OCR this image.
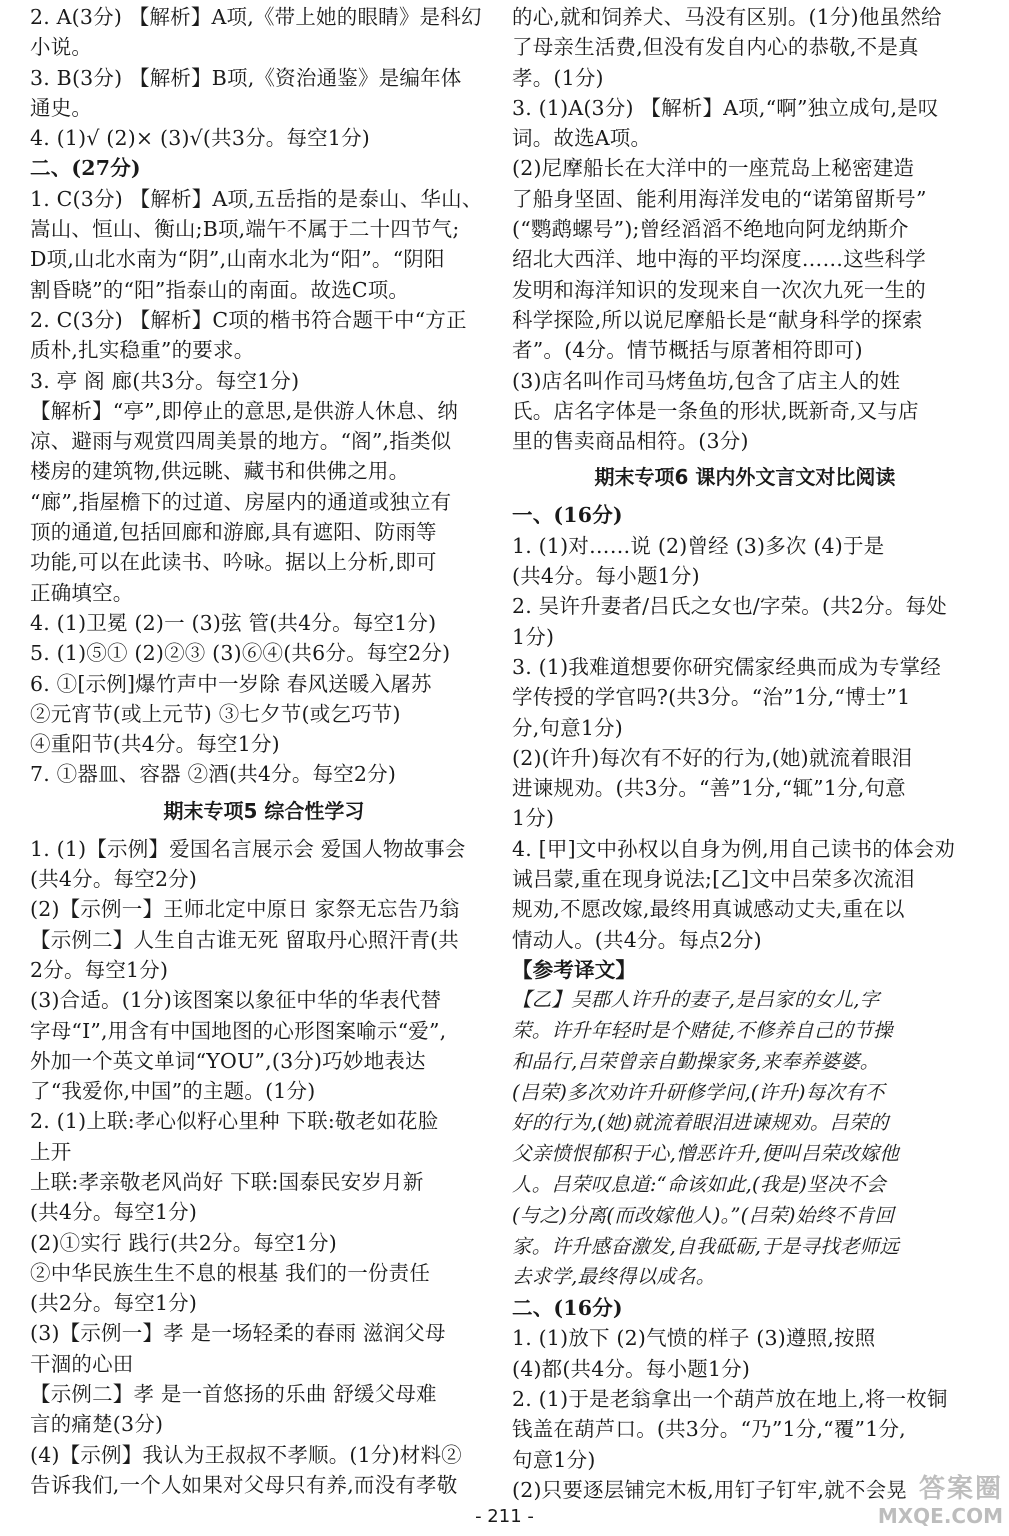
2. A(3分) 【解析】A项,《带上她的眼睛》是科幻
小说。
3. B(3分) 【解析】B项,《资治通鉴》是编年体
通史。
4. (1)√ (2)× (3)√(共3分。每空1分)
二、(27分)
1. C(3分) 【解析】A项,五岳指的是泰山、华山、
嵩山、恒山、衡山;B项,端午不属于二十四节气;
D项,山北水南为“阴”,山南水北为“阳”。“阴阳
割昏晓”的“阳”指泰山的南面。故选C项。
2. C(3分) 【解析】C项的楷书符合题干中“方正
质朴,扎实稳重”的要求。
3. 亭 阁 廊(共3分。每空1分)
【解析】“亭”,即停止的意思,是供游人休息、纳
凉、避雨与观赏四周美景的地方。“阁”,指类似
楼房的建筑物,供远眺、藏书和供佛之用。
“廊”,指屋檐下的过道、房屋内的通道或独立有
顶的通道,包括回廊和游廊,具有遮阳、防雨等
功能,可以在此读书、吟咏。据以上分析,即可
正确填空。
4. (1)卫冕 (2)一 (3)弦 管(共4分。每空1分)
5. (1)⑤① (2)②③ (3)⑥④(共6分。每空2分)
6. ①[示例]爆竹声中一岁除 春风送暖入屠苏
②元宵节(或上元节) ③七夕节(或乞巧节)
④重阳节(共4分。每空1分)
7. ①器皿、容器 ②酒(共4分。每空2分)
期末专项5 综合性学习
1. (1)【示例】爱国名言展示会 爱国人物故事会
(共4分。每空2分)
(2)【示例一】王师北定中原日 家祭无忘告乃翁
【示例二】人生自古谁无死 留取丹心照汗青(共
2分。每空1分)
(3)合适。(1分)该图案以象征中华的华表代替
字母“I”,用含有中国地图的心形图案喻示“爱”,
外加一个英文单词“YOU”,(3分)巧妙地表达
了“我爱你,中国”的主题。(1分)
2. (1)上联:孝心似籽心里种 下联:敬老如花脸
上开
上联:孝亲敬老风尚好 下联:国泰民安岁月新
(共4分。每空1分)
(2)①实行 践行(共2分。每空1分)
②中华民族生生不息的根基 我们的一份责任
(共2分。每空1分)
(3)【示例一】孝 是一场轻柔的春雨 滋润父母
干涸的心田
【示例二】孝 是一首悠扬的乐曲 舒缓父母难
言的痛楚(3分)
(4)【示例】我认为王叔叔不孝顺。(1分)材料②
告诉我们,一个人如果对父母只有养,而没有孝敬
的心,就和饲养犬、马没有区别。(1分)他虽然给
了母亲生活费,但没有发自内心的恭敬,不是真
孝。(1分)
3. (1)A(3分) 【解析】A项,“啊”独立成句,是叹
词。故选A项。
(2)尼摩船长在大洋中的一座荒岛上秘密建造
了船身坚固、能利用海洋发电的“诺第留斯号”
(“鹦鹉螺号”);曾经滔滔不绝地向阿龙纳斯介
绍北大西洋、地中海的平均深度……这些科学
发明和海洋知识的发现来自一次次九死一生的
科学探险,所以说尼摩船长是“献身科学的探索
者”。(4分。情节概括与原著相符即可)
(3)店名叫作司马烤鱼坊,包含了店主人的姓
氏。店名字体是一条鱼的形状,既新奇,又与店
里的售卖商品相符。(3分)
期末专项6 课内外文言文对比阅读
一、(16分)
1. (1)对……说 (2)曾经 (3)多次 (4)于是
(共4分。每小题1分)
2. 吴许升妻者/吕氏之女也/字荣。(共2分。每处
1分)
3. (1)我难道想要你研究儒家经典而成为专掌经
学传授的学官吗?(共3分。“治”1分,“博士”1
分,句意1分)
(2)(许升)每次有不好的行为,(她)就流着眼泪
进谏规劝。(共3分。“善”1分,“辄”1分,句意
1分)
4. [甲]文中孙权以自身为例,用自己读书的体会劝
诫吕蒙,重在现身说法;[乙]文中吕荣多次流泪
规劝,不愿改嫁,最终用真诚感动丈夫,重在以
情动人。(共4分。每点2分)
【参考译文】
【乙】吴郡人许升的妻子,是吕家的女儿,字
荣。许升年轻时是个赌徒,不修养自己的节操
和品行,吕荣曾亲自勤操家务,来奉养婆婆。
(吕荣)多次劝许升研修学问,(许升)每次有不
好的行为,(她)就流着眼泪进谏规劝。吕荣的
父亲愤恨郁积于心,憎恶许升,便叫吕荣改嫁他
人。吕荣叹息道:“命该如此,(我是)坚决不会
(与之)分离(而改嫁他人)。”(吕荣)始终不肯回
家。许升感奋激发,自我砥砺,于是寻找老师远
去求学,最终得以成名。
二、(16分)
1. (1)放下 (2)气愤的样子 (3)遵照,按照
(4)都(共4分。每小题1分)
2. (1)于是老翁拿出一个葫芦放在地上,将一枚铜
钱盖在葫芦口。(共3分。“乃”1分,“覆”1分,
句意1分)
(2)只要逐层铺完木板,用钉子钉牢,就不会晃
- 211 -
答案圈
MXQE.COM
